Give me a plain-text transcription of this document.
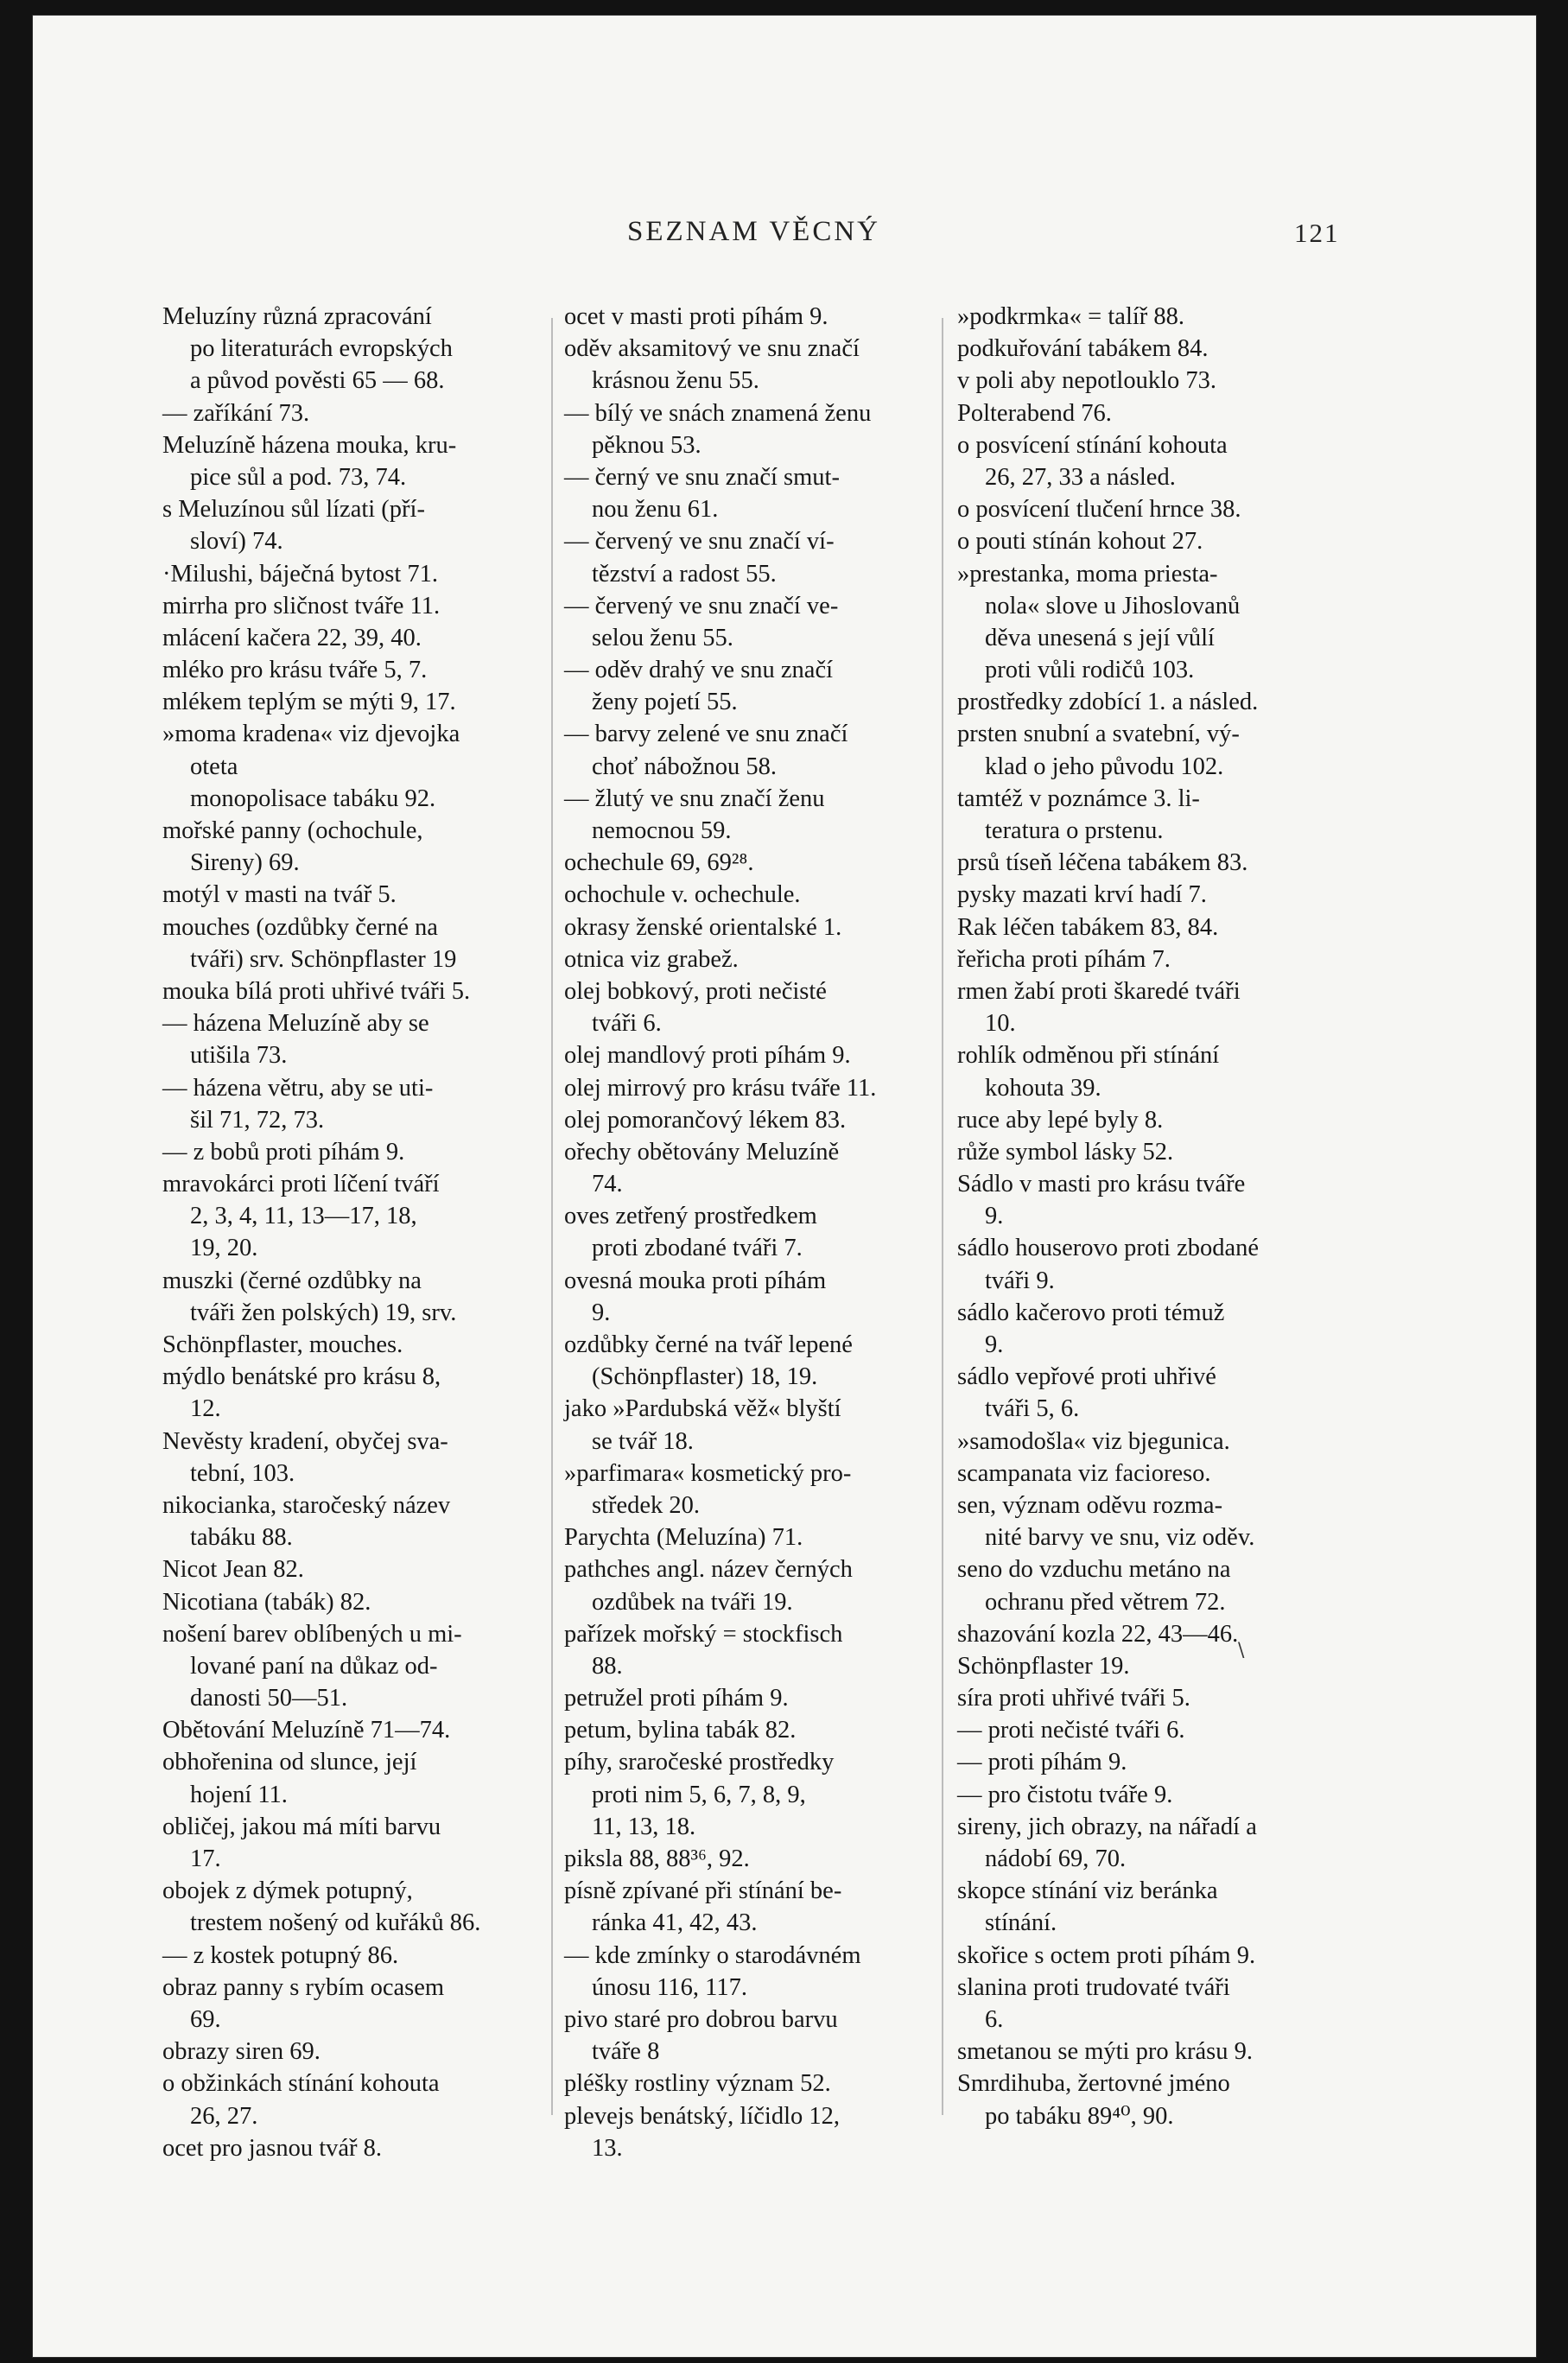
SEZNAM VĚCNÝ	121
Meluzíny různá zpracování
po literaturách evropských
a původ pověsti 65 — 68.
— zaříkání 73.
Meluzíně házena mouka, kru-
pice sůl a pod. 73, 74.
s Meluzínou sůl lízati (pří-
sloví) 74.
·Milushi, báječná bytost 71.
mirrha pro sličnost tváře 11.
mlácení kačera 22, 39, 40.
mléko pro krásu tváře 5, 7.
mlékem teplým se mýti 9, 17.
»moma kradena« viz djevojka
oteta
monopolisace tabáku 92.
mořské panny (ochochule,
Sireny) 69.
motýl v masti na tvář 5.
mouches (ozdůbky černé na
tváři) srv. Schönpflaster 19
mouka bílá proti uhřivé tváři 5.
— házena Meluzíně aby se
utišila 73.
— házena větru, aby se uti-
šil 71, 72, 73.
— z bobů proti píhám 9.
mravokárci proti líčení tváří
2, 3, 4, 11, 13—17, 18,
19, 20.
muszki (černé ozdůbky na
tváři žen polských) 19, srv.
Schönpflaster, mouches.
mýdlo benátské pro krásu 8,
12.
Nevěsty kradení, obyčej sva-
tební, 103.
nikocianka, staročeský název
tabáku 88.
Nicot Jean 82.
Nicotiana (tabák) 82.
nošení barev oblíbených u mi-
lované paní na důkaz od-
danosti 50—51.
Obětování Meluzíně 71—74.
obhořenina od slunce, její
hojení 11.
obličej, jakou má míti barvu
17.
obojek z dýmek potupný,
trestem nošený od kuřáků 86.
— z kostek potupný 86.
obraz panny s rybím ocasem
69.
obrazy siren 69.
o obžinkách stínání kohouta
26, 27.
ocet pro jasnou tvář 8.
ocet v masti proti píhám 9.
oděv aksamitový ve snu značí
krásnou ženu 55.
— bílý ve snách znamená ženu
pěknou 53.
— černý ve snu značí smut-
nou ženu 61.
— červený ve snu značí ví-
tězství a radost 55.
— červený ve snu značí ve-
selou ženu 55.
— oděv drahý ve snu značí
ženy pojetí 55.
— barvy zelené ve snu značí
choť nábožnou 58.
— žlutý ve snu značí ženu
nemocnou 59.
ochechule 69, 69²⁸.
ochochule v. ochechule.
okrasy ženské orientalské 1.
otnica viz grabež.
olej bobkový, proti nečisté
tváři 6.
olej mandlový proti píhám 9.
olej mirrový pro krásu tváře 11.
olej pomorančový lékem 83.
ořechy obětovány Meluzíně
74.
oves zetřený prostředkem
proti zbodané tváři 7.
ovesná mouka proti píhám
9.
ozdůbky černé na tvář lepené
(Schönpflaster) 18, 19.
jako »Pardubská věž« blyští
se tvář 18.
»parfimara« kosmetický pro-
středek 20.
Parychta (Meluzína) 71.
pathches angl. název černých
ozdůbek na tváři 19.
pařízek mořský = stockfisch
88.
petružel proti píhám 9.
petum, bylina tabák 82.
píhy, sraročeské prostředky
proti nim 5, 6, 7, 8, 9,
11, 13, 18.
piksla 88, 88³⁶, 92.
písně zpívané při stínání be-
ránka 41, 42, 43.
— kde zmínky o starodávném
únosu 116, 117.
pivo staré pro dobrou barvu
tváře 8
pléšky rostliny význam 52.
plevejs benátský, líčidlo 12,
13.
»podkrmka« = talíř 88.
podkuřování tabákem 84.
v poli aby nepotlouklo 73.
Polterabend 76.
o posvícení stínání kohouta
26, 27, 33 a násled.
o posvícení tlučení hrnce 38.
o pouti stínán kohout 27.
»prestanka, moma priesta-
nola« slove u Jihoslovanů
děva unesená s její vůlí
proti vůli rodičů 103.
prostředky zdobící 1. a násled.
prsten snubní a svatební, vý-
klad o jeho původu 102.
tamtéž v poznámce 3. li-
teratura o prstenu.
prsů tíseň léčena tabákem 83.
pysky mazati krví hadí 7.
Rak léčen tabákem 83, 84.
řeřicha proti píhám 7.
rmen žabí proti škaredé tváři
10.
rohlík odměnou při stínání
kohouta 39.
ruce aby lepé byly 8.
růže symbol lásky 52.
Sádlo v masti pro krásu tváře
9.
sádlo houserovo proti zbodané
tváři 9.
sádlo kačerovo proti témuž
9.
sádlo vepřové proti uhřivé
tváři 5, 6.
»samodošla« viz bjegunica.
scampanata viz facioreso.
sen, význam oděvu rozma-
nité barvy ve snu, viz oděv.
seno do vzduchu metáno na
ochranu před větrem 72.
shazování kozla 22, 43—46.
Schönpflaster 19.
síra proti uhřivé tváři 5.
— proti nečisté tváři 6.
— proti píhám 9.
— pro čistotu tváře 9.
sireny, jich obrazy, na nářadí a
nádobí 69, 70.
skopce stínání viz beránka
stínání.
skořice s octem proti píhám 9.
slanina proti trudovaté tváři
6.
smetanou se mýti pro krásu 9.
Smrdihuba, žertovné jméno
po tabáku 89⁴⁰, 90.
\
